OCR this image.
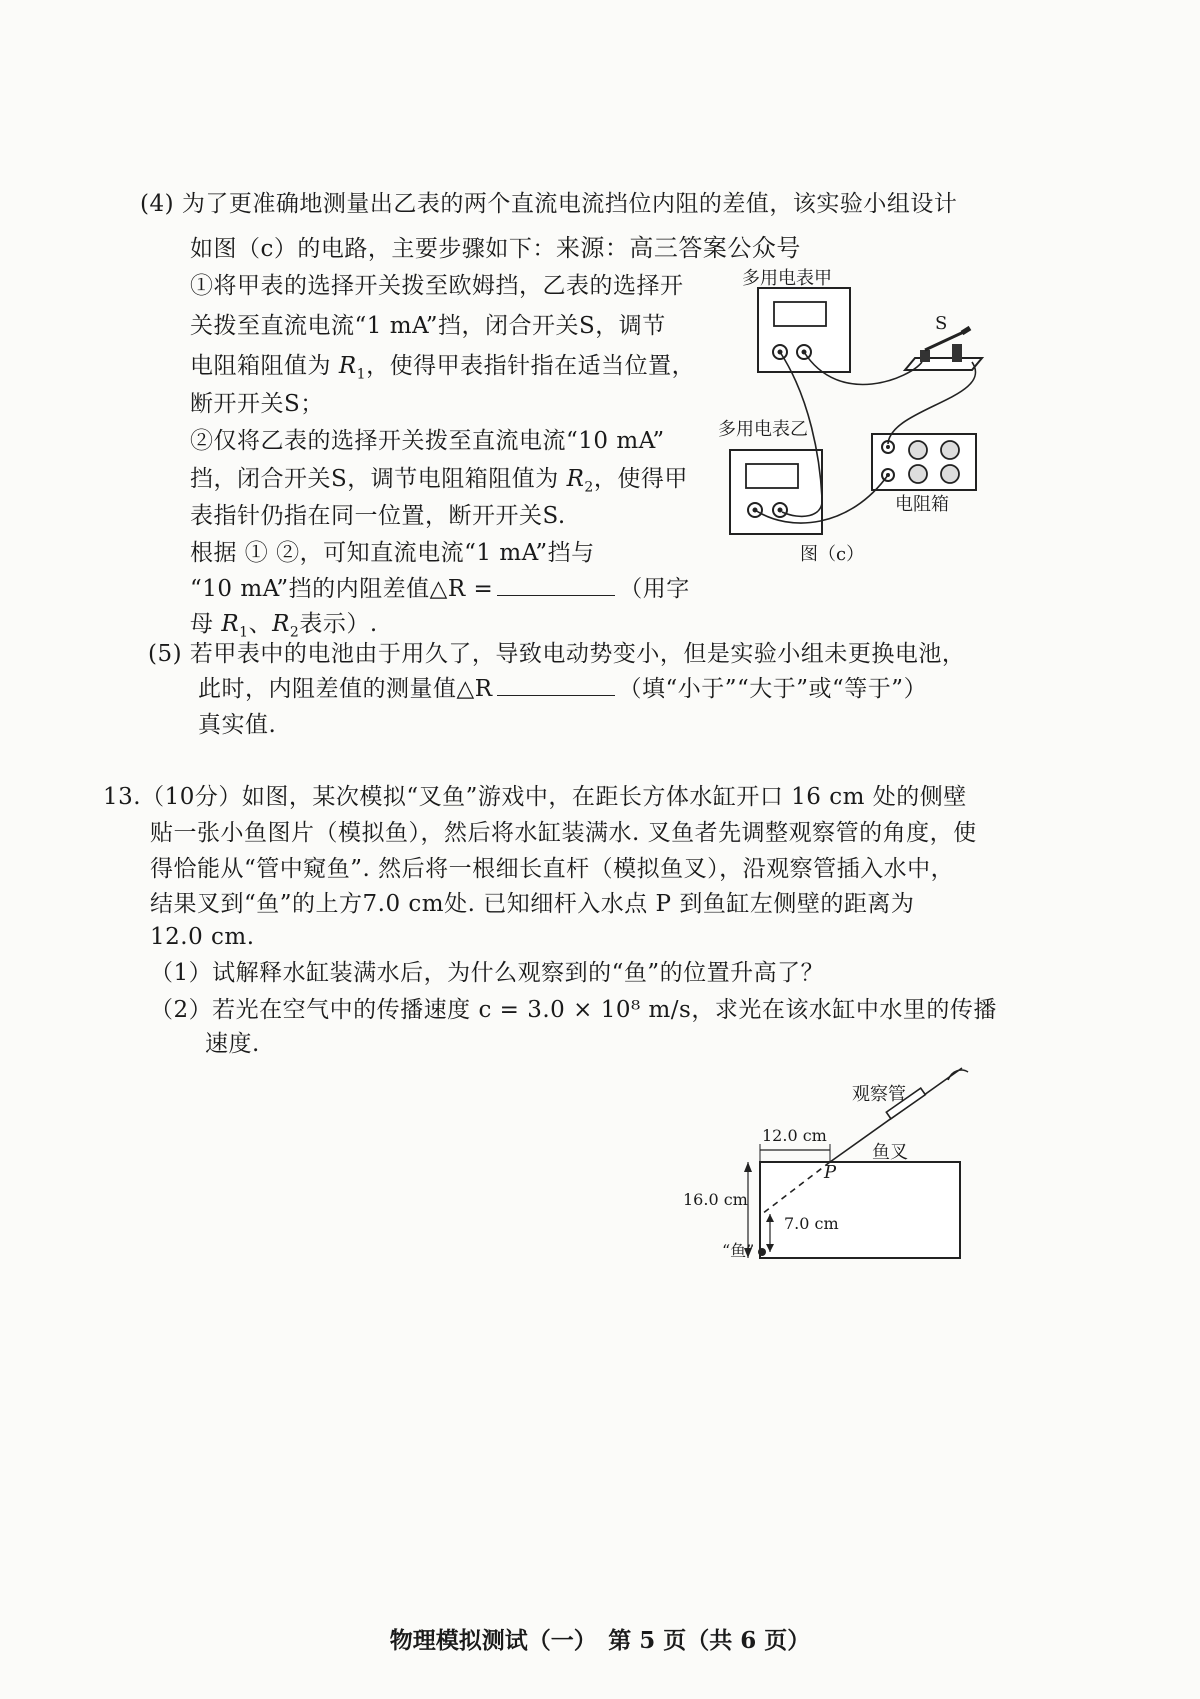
(4) 为了更准确地测量出乙表的两个直流电流挡位内阻的差值，该实验小组设计
如图（c）的电路，主要步骤如下：来源：高三答案公众号
①将甲表的选择开关拨至欧姆挡，乙表的选择开
关拨至直流电流“1 mA”挡，闭合开关S，调节
电阻箱阻值为 $R_1$，使得甲表指针指在适当位置，
断开开关S；
②仅将乙表的选择开关拨至直流电流“10 mA”
挡，闭合开关S，调节电阻箱阻值为 $R_2$，使得甲
表指针仍指在同一位置，断开开关S.
根据 ① ②，可知直流电流“1 mA”挡与
“10 mA”挡的内阻差值△R =	（用字
母 $R_1$、$R_2$表示）.
多用电表甲
S
多用电表乙
电阻箱
图（c）
(5) 若甲表中的电池由于用久了，导致电动势变小，但是实验小组未更换电池，
此时，内阻差值的测量值△R	（填“小于”“大于”或“等于”）
真实值.
13.（10分）如图，某次模拟“叉鱼”游戏中，在距长方体水缸开口 16 cm 处的侧壁
贴一张小鱼图片（模拟鱼），然后将水缸装满水. 叉鱼者先调整观察管的角度，使
得恰能从“管中窥鱼”. 然后将一根细长直杆（模拟鱼叉），沿观察管插入水中，
结果叉到“鱼”的上方7.0 cm处. 已知细杆入水点 P 到鱼缸左侧壁的距离为
12.0 cm.
（1）试解释水缸装满水后，为什么观察到的“鱼”的位置升高了？
（2）若光在空气中的传播速度 c = 3.0 × 10⁸ m/s，求光在该水缸中水里的传播
速度.
观察管
鱼叉
12.0 cm
P
16.0 cm
7.0 cm
“鱼”
物理模拟测试（一）　第 5 页（共 6 页）
